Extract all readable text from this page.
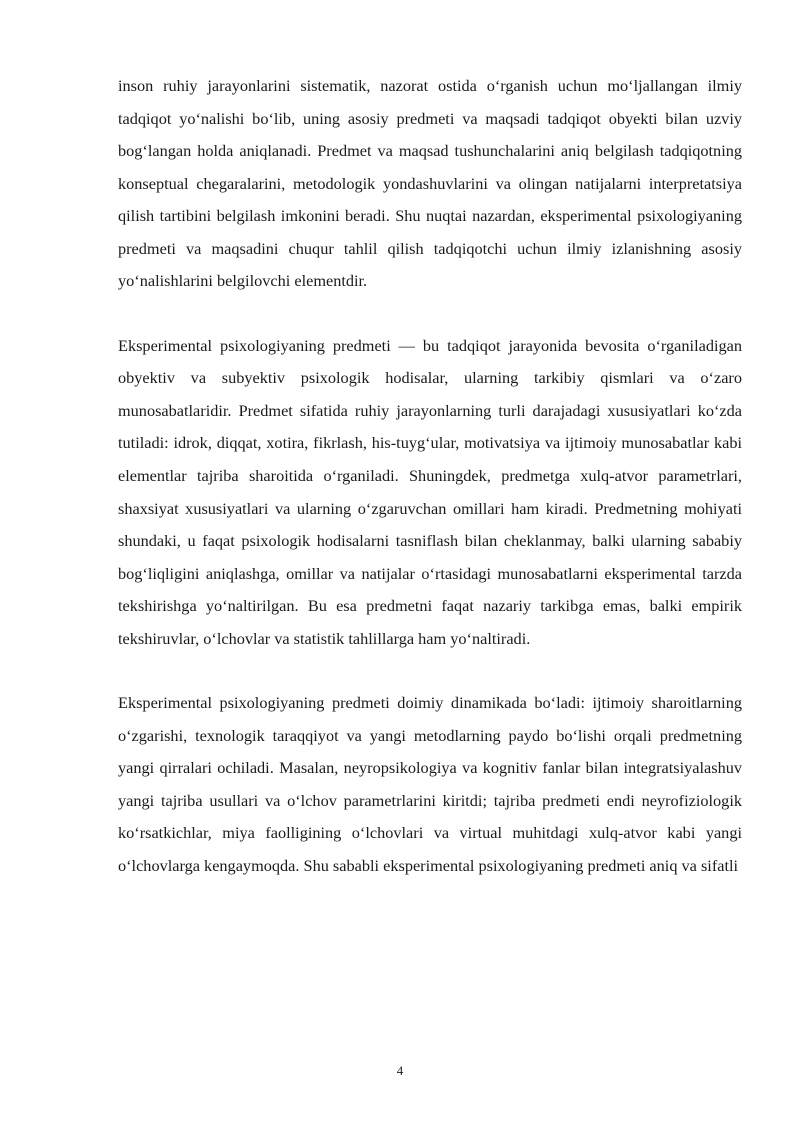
inson ruhiy jarayonlarini sistematik, nazorat ostida o‘rganish uchun mo‘ljallangan ilmiy tadqiqot yo‘nalishi bo‘lib, uning asosiy predmeti va maqsadi tadqiqot obyekti bilan uzviy bog‘langan holda aniqlanadi. Predmet va maqsad tushunchalarini aniq belgilash tadqiqotning konseptual chegaralarini, metodologik yondashuvlarini va olingan natijalarni interpretatsiya qilish tartibini belgilash imkonini beradi. Shu nuqtai nazardan, eksperimental psixologiyaning predmeti va maqsadini chuqur tahlil qilish tadqiqotchi uchun ilmiy izlanishning asosiy yo‘nalishlarini belgilovchi elementdir.

Eksperimental psixologiyaning predmeti — bu tadqiqot jarayonida bevosita o‘rganiladigan obyektiv va subyektiv psixologik hodisalar, ularning tarkibiy qismlari va o‘zaro munosabatlaridir. Predmet sifatida ruhiy jarayonlarning turli darajadagi xususiyatlari ko‘zda tutiladi: idrok, diqqat, xotira, fikrlash, his-tuyg‘ular, motivatsiya va ijtimoiy munosabatlar kabi elementlar tajriba sharoitida o‘rganiladi. Shuningdek, predmetga xulq-atvor parametrlari, shaxsiyat xususiyatlari va ularning o‘zgaruvchan omillari ham kiradi. Predmetning mohiyati shundaki, u faqat psixologik hodisalarni tasniflash bilan cheklanmay, balki ularning sababiy bog‘liqligini aniqlashga, omillar va natijalar o‘rtasidagi munosabatlarni eksperimental tarzda tekshirishga yo‘naltirilgan. Bu esa predmetni faqat nazariy tarkibga emas, balki empirik tekshiruvlar, o‘lchovlar va statistik tahlillarga ham yo‘naltiradi.

Eksperimental psixologiyaning predmeti doimiy dinamikada bo‘ladi: ijtimoiy sharoitlarning o‘zgarishi, texnologik taraqqiyot va yangi metodlarning paydo bo‘lishi orqali predmetning yangi qirralari ochiladi. Masalan, neyropsikologiya va kognitiv fanlar bilan integratsiyalashuv yangi tajriba usullari va o‘lchov parametrlarini kiritdi; tajriba predmeti endi neyrofiziologik ko‘rsatkichlar, miya faolligining o‘lchovlari va virtual muhitdagi xulq-atvor kabi yangi o‘lchovlarga kengaymoqda. Shu sababli eksperimental psixologiyaning predmeti aniq va sifatli

4
